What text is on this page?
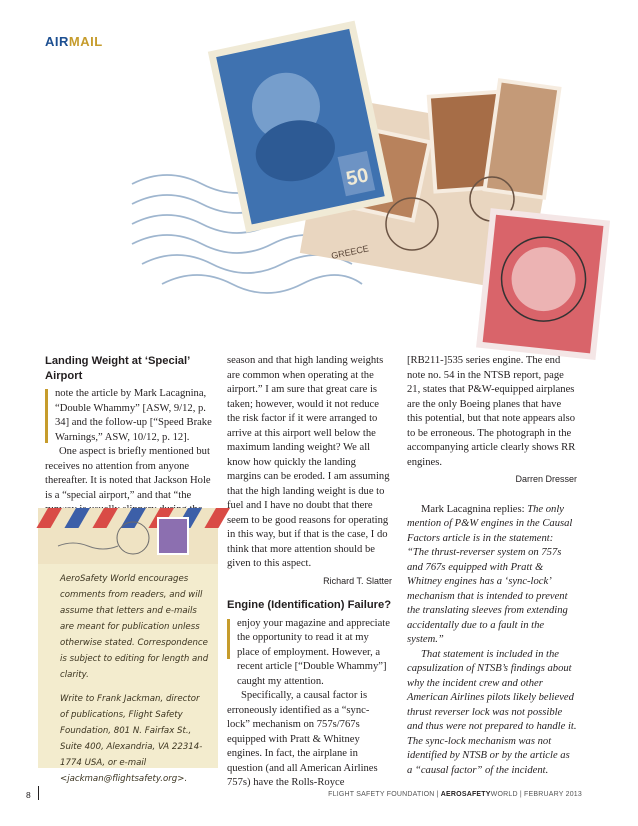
AIRMAIL
GREECE
50
Landing Weight at ‘Special’ Airport

note the article by Mark Lacagnina, “Double Whammy” [ASW, 9/12, p. 34] and the follow-up [“Speed Brake Warnings,” ASW, 10/12, p. 12].

One aspect is briefly mentioned but receives no attention from anyone thereafter. It is noted that Jackson Hole is a “special airport,” and that “the

AeroSafety World encourages comments from readers, and will assume that letters and e-mails are meant for publication unless otherwise stated. Correspondence is subject to editing for length and clarity.

Write to Frank Jackman, director of publications, Flight Safety Foundation, 801 N. Fairfax St., Suite 400, Alexandria, VA 22314-1774 USA, or e-mail <jackman@flightsafety.org>.

season and that high landing weights are common when operating at the airport.” I am sure that great care is taken; however, would it not reduce the risk factor if it were arranged to arrive at this airport well below the maximum landing weight? We all know how quickly the landing margins can be eroded. I am assuming that the high landing weight is due to fuel and I have no doubt that there seem to be good reasons for operating in this way, but if that is the case, I do think that more attention should be given to this aspect.

Richard T. Slatter
Engine (Identification) Failure?

enjoy your magazine and appreciate the opportunity to read it at my place of employment. However, a recent article [“Double Whammy”] caught my attention.

Specifically, a causal factor is erroneously identified as a “sync-lock” mechanism on 757s/767s equipped with Pratt & Whitney engines. In fact, the airplane in question (and all American Airlines 757s) have the Rolls-Royce

[RB211-]535 series engine. The end note no. 54 in the NTSB report, page 21, states that P&W-equipped airplanes are the only Boeing planes that have this potential, but that note appears also to be erroneous. The photograph in the accompanying article clearly shows RR engines.

Darren Dresser

Mark Lacagnina replies: The only mention of P&W engines in the Causal Factors article is in the statement: “The thrust-reverser system on 757s and 767s equipped with Pratt & Whitney engines has a ‘sync-lock’ mechanism that is intended to prevent the translating sleeves from extending accidentally due to a fault in the system.”

That statement is included in the capsulization of NTSB’s findings about why the incident crew and other American Airlines pilots likely believed thrust reverser lock was not possible and thus were not prepared to handle it. The sync-lock mechanism was not identified by NTSB or by the article as a “causal factor” of the incident.

8	FLIGHT SAFETY FOUNDATION | AEROSAFETYWORLD | FEBRUARY 2013
